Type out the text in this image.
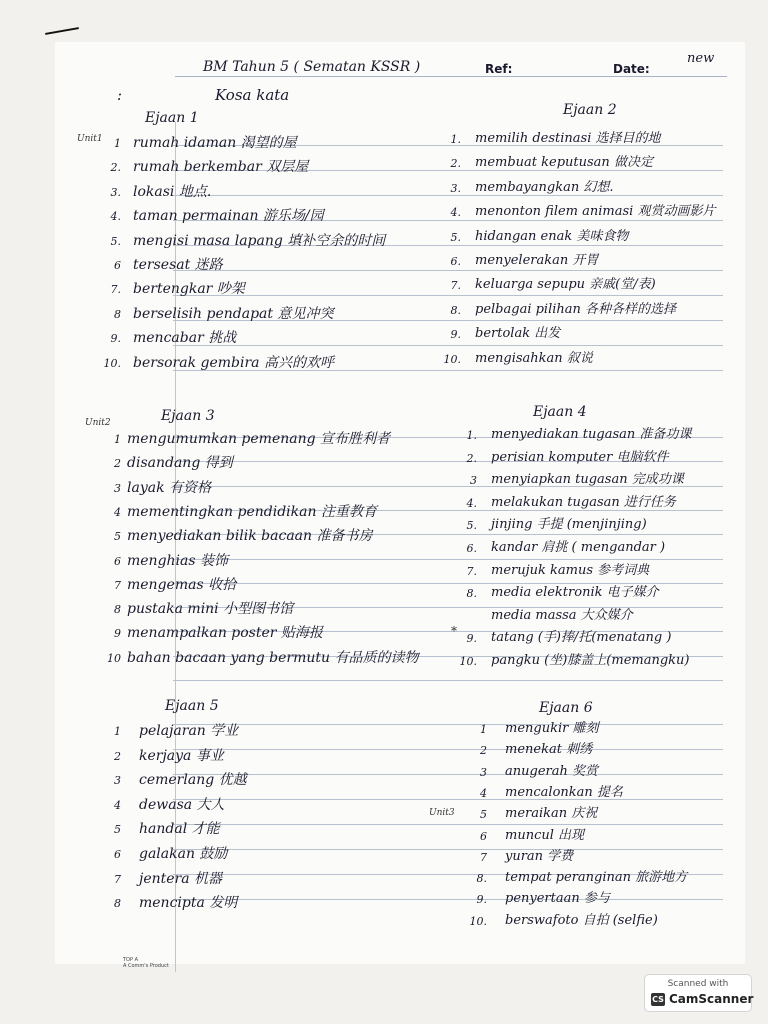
BM Tahun 5 ( Sematan KSSR )	Ref:	Date:
new
:	Kosa kata
Unit1
Unit2
Unit3
*
Ejaan 1	Ejaan 2
Ejaan 3	Ejaan 4
Ejaan 5	Ejaan 6
1 rumah idaman 渴望的屋
2. rumah berkembar 双层屋
3. lokasi 地点.
4. taman permainan 游乐场/园
5. mengisi masa lapang 填补空余的时间
6 tersesat 迷路
7. bertengkar 吵架
8 berselisih pendapat 意见冲突
9. mencabar 挑战
10. bersorak gembira 高兴的欢呼
1. memilih destinasi 选择目的地
2. membuat keputusan 做决定
3. membayangkan 幻想.
4. menonton filem animasi 观赏动画影片
5. hidangan enak 美味食物
6. menyelerakan 开胃
7. keluarga sepupu 亲戚(堂/表)
8. pelbagai pilihan 各种各样的选择
9. bertolak 出发
10. mengisahkan 叙说
1 mengumumkan pemenang 宣布胜利者
2 disandang 得到
3 layak 有资格
4 mementingkan pendidikan 注重教育
5 menyediakan bilik bacaan 准备书房
6 menghias 装饰
7 mengemas 收拾
8 pustaka mini 小型图书馆
9 menampalkan poster 贴海报
10 bahan bacaan yang bermutu 有品质的读物
1. menyediakan tugasan 准备功课
2. perisian komputer 电脑软件
3 menyiapkan tugasan 完成功课
4. melakukan tugasan 进行任务
5. jinjing 手提 (menjinjing)
6. kandar 肩挑 ( mengandar )
7. merujuk kamus 参考词典
8. media elektronik 电子媒介
media massa 大众媒介
9. tatang (手)捧/托(menatang )
10. pangku (坐)膝盖上(memangku)
1 pelajaran 学业
2 kerjaya 事业
3 cemerlang 优越
4 dewasa 大人
5 handal 才能
6 galakan 鼓励
7 jentera 机器
8 mencipta 发明
1 mengukir 雕刻
2 menekat 刺绣
3 anugerah 奖赏
4 mencalonkan 提名
5 meraikan 庆祝
6 muncul 出现
7 yuran 学费
8. tempat peranginan 旅游地方
9. penyertaan 参与
10. berswafoto 自拍 (selfie)
TOP A
A Comm's Product
Scanned with
CS CamScanner
